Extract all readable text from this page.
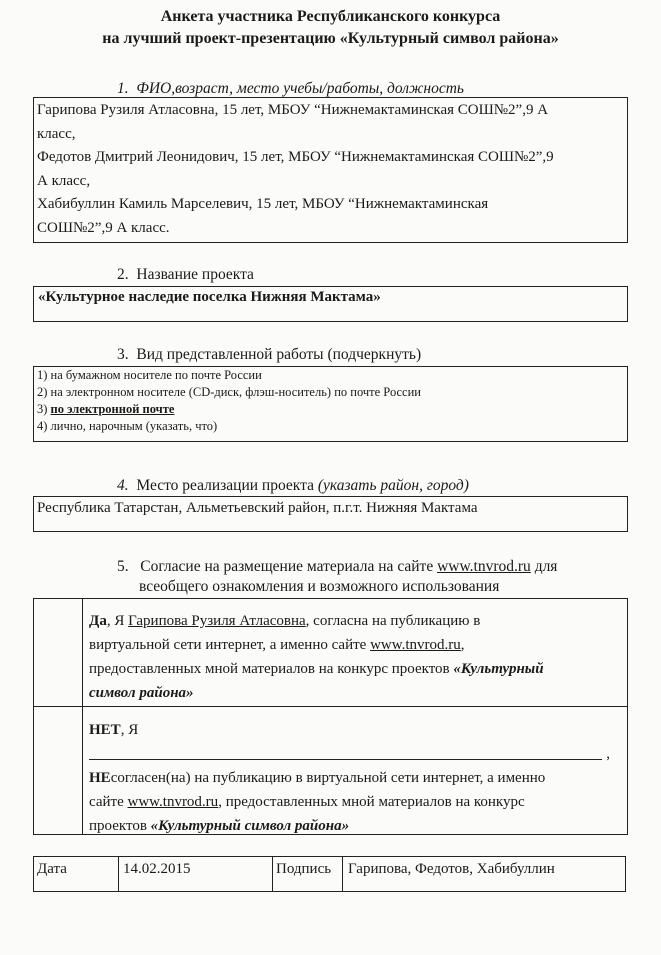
Анкета участника Республиканского конкурса
на лучший проект-презентацию «Культурный символ района»
1. ФИО,возраст, место учебы/работы, должность
Гарипова Рузиля Атласовна, 15 лет, МБОУ “Нижнемактаминская СОШ№2”,9 А
класс,
Федотов Дмитрий Леонидович, 15 лет, МБОУ “Нижнемактаминская СОШ№2”,9
А класс,
Хабибуллин Камиль Марселевич, 15 лет, МБОУ “Нижнемактаминская
СОШ№2”,9 А класс.
2. Название проекта
«Культурное наследие поселка Нижняя Мактама»
3. Вид представленной работы (подчеркнуть)
1) на бумажном носителе по почте России
2) на электронном носителе (CD-диск, флэш-носитель) по почте России
3) по электронной почте
4) лично, нарочным (указать, что)
4. Место реализации проекта (указать район, город)
Республика Татарстан, Альметьевский район, п.г.т. Нижняя Мактама
5. Согласие на размещение материала на сайте www.tnvrod.ru для
всеобщего ознакомления и возможного использования
Да, Я Гарипова Рузиля Атласовна, согласна на публикацию в
виртуальной сети интернет, а именно сайте www.tnvrod.ru,
предоставленных мной материалов на конкурс проектов «Культурный
символ района»
НЕТ, Я
,
НЕсогласен(на) на публикацию в виртуальной сети интернет, а именно
сайте www.tnvrod.ru, предоставленных мной материалов на конкурс
проектов «Культурный символ района»
Дата	14.02.2015	Подпись Гарипова, Федотов, Хабибуллин
